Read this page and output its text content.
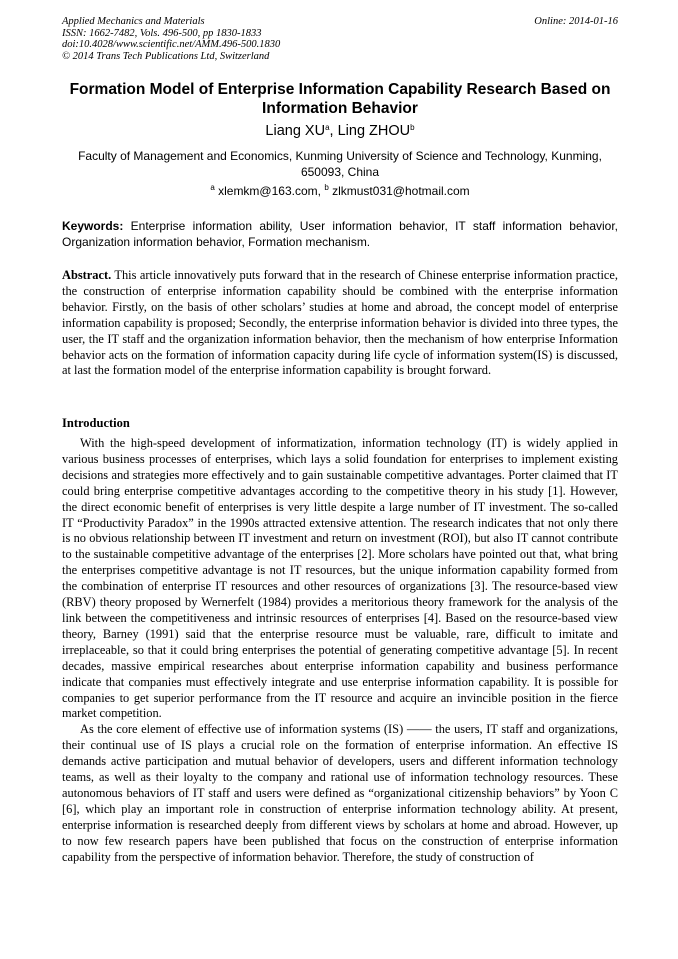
Applied Mechanics and Materials
ISSN: 1662-7482, Vols. 496-500, pp 1830-1833
doi:10.4028/www.scientific.net/AMM.496-500.1830
© 2014 Trans Tech Publications Ltd, Switzerland
Online: 2014-01-16
Formation Model of Enterprise Information Capability Research Based on Information Behavior
Liang $XU^a$, Ling ZHOU$^b$
Faculty of Management and Economics, Kunming University of Science and Technology, Kunming, 650093, China
$^a$ xlemkm@163.com, $^b$ zlkmust031@hotmail.com
Keywords: Enterprise information ability, User information behavior, IT staff information behavior, Organization information behavior, Formation mechanism.
Abstract. This article innovatively puts forward that in the research of Chinese enterprise information practice, the construction of enterprise information capability should be combined with the enterprise information behavior. Firstly, on the basis of other scholars’ studies at home and abroad, the concept model of enterprise information capability is proposed; Secondly, the enterprise information behavior is divided into three types, the user, the IT staff and the organization information behavior, then the mechanism of how enterprise Information behavior acts on the formation of information capacity during life cycle of information system(IS) is discussed, at last the formation model of the enterprise information capability is brought forward.
Introduction

With the high-speed development of informatization, information technology (IT) is widely applied in various business processes of enterprises, which lays a solid foundation for enterprises to implement existing decisions and strategies more effectively and to gain sustainable competitive advantages. Porter claimed that IT could bring enterprise competitive advantages according to the competitive theory in his study [1]. However, the direct economic benefit of enterprises is very little despite a large number of IT investment. The so-called IT “Productivity Paradox” in the 1990s attracted extensive attention. The research indicates that not only there is no obvious relationship between IT investment and return on investment (ROI), but also IT cannot contribute to the sustainable competitive advantage of the enterprises [2]. More scholars have pointed out that, what bring the enterprises competitive advantage is not IT resources, but the unique information capability formed from the combination of enterprise IT resources and other resources of organizations [3]. The resource-based view (RBV) theory proposed by Wernerfelt (1984) provides a meritorious theory framework for the analysis of the link between the competitiveness and intrinsic resources of enterprises [4]. Based on the resource-based view theory, Barney (1991) said that the enterprise resource must be valuable, rare, difficult to imitate and irreplaceable, so that it could bring enterprises the potential of generating competitive advantage [5]. In recent decades, massive empirical researches about enterprise information capability and business performance indicate that companies must effectively integrate and use enterprise information capability. It is possible for companies to get superior performance from the IT resource and acquire an invincible position in the fierce market competition.

As the core element of effective use of information systems (IS) —— the users, IT staff and organizations, their continual use of IS plays a crucial role on the formation of enterprise information. An effective IS demands active participation and mutual behavior of developers, users and different information technology teams, as well as their loyalty to the company and rational use of information technology resources. These autonomous behaviors of IT staff and users were defined as “organizational citizenship behaviors” by Yoon C [6], which play an important role in construction of enterprise information technology ability. At present, enterprise information is researched deeply from different views by scholars at home and abroad. However, up to now few research papers have been published that focus on the construction of enterprise information capability from the perspective of information behavior. Therefore, the study of construction of
